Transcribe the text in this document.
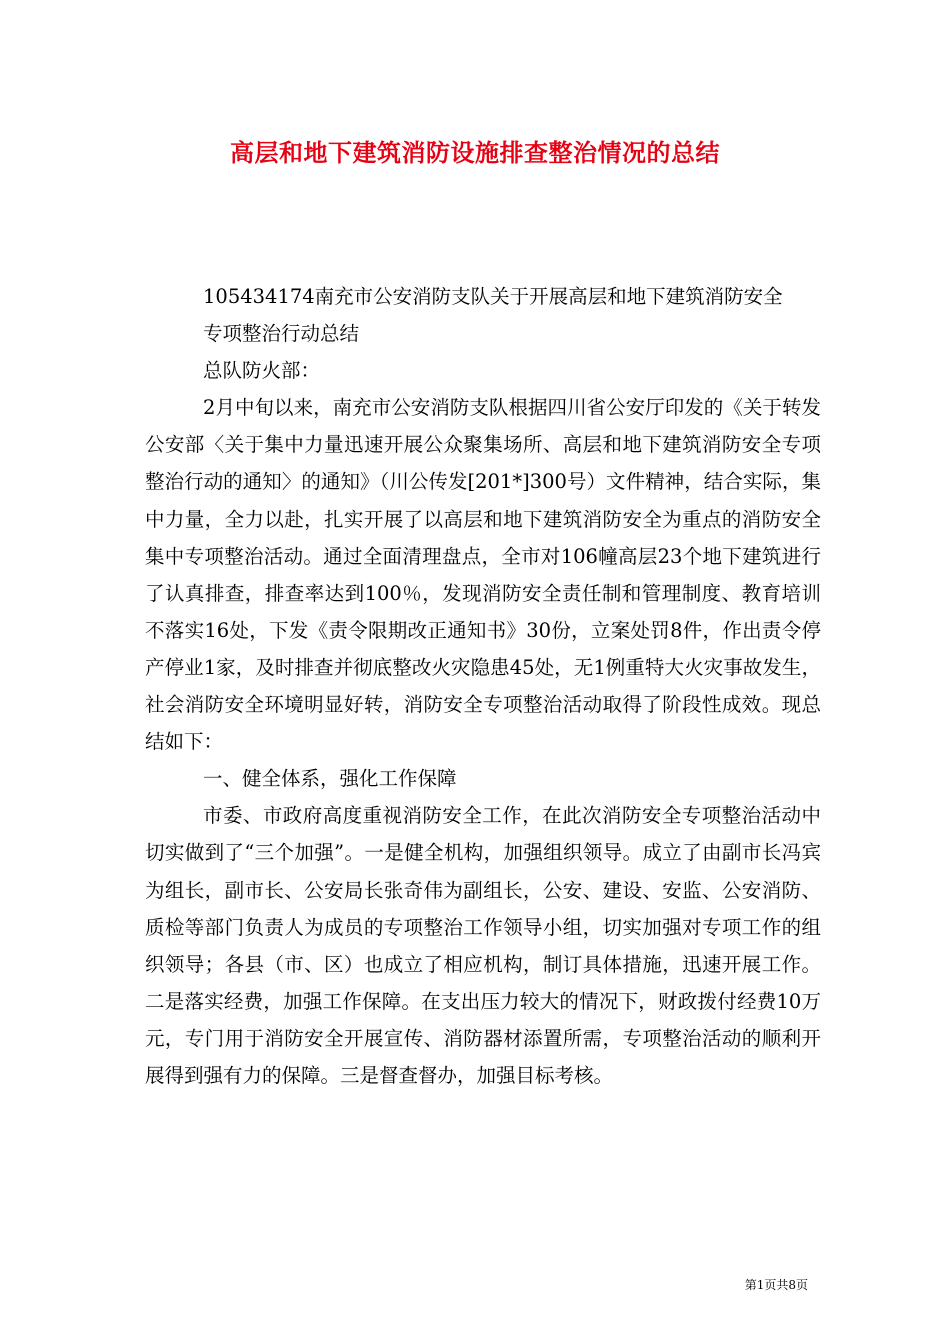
高层和地下建筑消防设施排查整治情况的总结

105434174南充市公安消防支队关于开展高层和地下建筑消防安全

专项整治行动总结

总队防火部：

2月中旬以来，南充市公安消防支队根据四川省公安厅印发的《关于转发公安部〈关于集中力量迅速开展公众聚集场所、高层和地下建筑消防安全专项整治行动的通知〉的通知》（川公传发[201*]300号）文件精神，结合实际，集中力量，全力以赴，扎实开展了以高层和地下建筑消防安全为重点的消防安全集中专项整治活动。通过全面清理盘点，全市对106幢高层23个地下建筑进行了认真排查，排查率达到100％，发现消防安全责任制和管理制度、教育培训不落实16处，下发《责令限期改正通知书》30份，立案处罚8件，作出责令停产停业1家，及时排查并彻底整改火灾隐患45处，无1例重特大火灾事故发生，社会消防安全环境明显好转，消防安全专项整治活动取得了阶段性成效。现总结如下：

一、健全体系，强化工作保障

市委、市政府高度重视消防安全工作，在此次消防安全专项整治活动中切实做到了“三个加强”。一是健全机构，加强组织领导。成立了由副市长冯宾为组长，副市长、公安局长张奇伟为副组长，公安、建设、安监、公安消防、质检等部门负责人为成员的专项整治工作领导小组，切实加强对专项工作的组织领导；各县（市、区）也成立了相应机构，制订具体措施，迅速开展工作。二是落实经费，加强工作保障。在支出压力较大的情况下，财政拨付经费10万元，专门用于消防安全开展宣传、消防器材添置所需，专项整治活动的顺利开展得到强有力的保障。三是督查督办，加强目标考核。

第1页共8页
